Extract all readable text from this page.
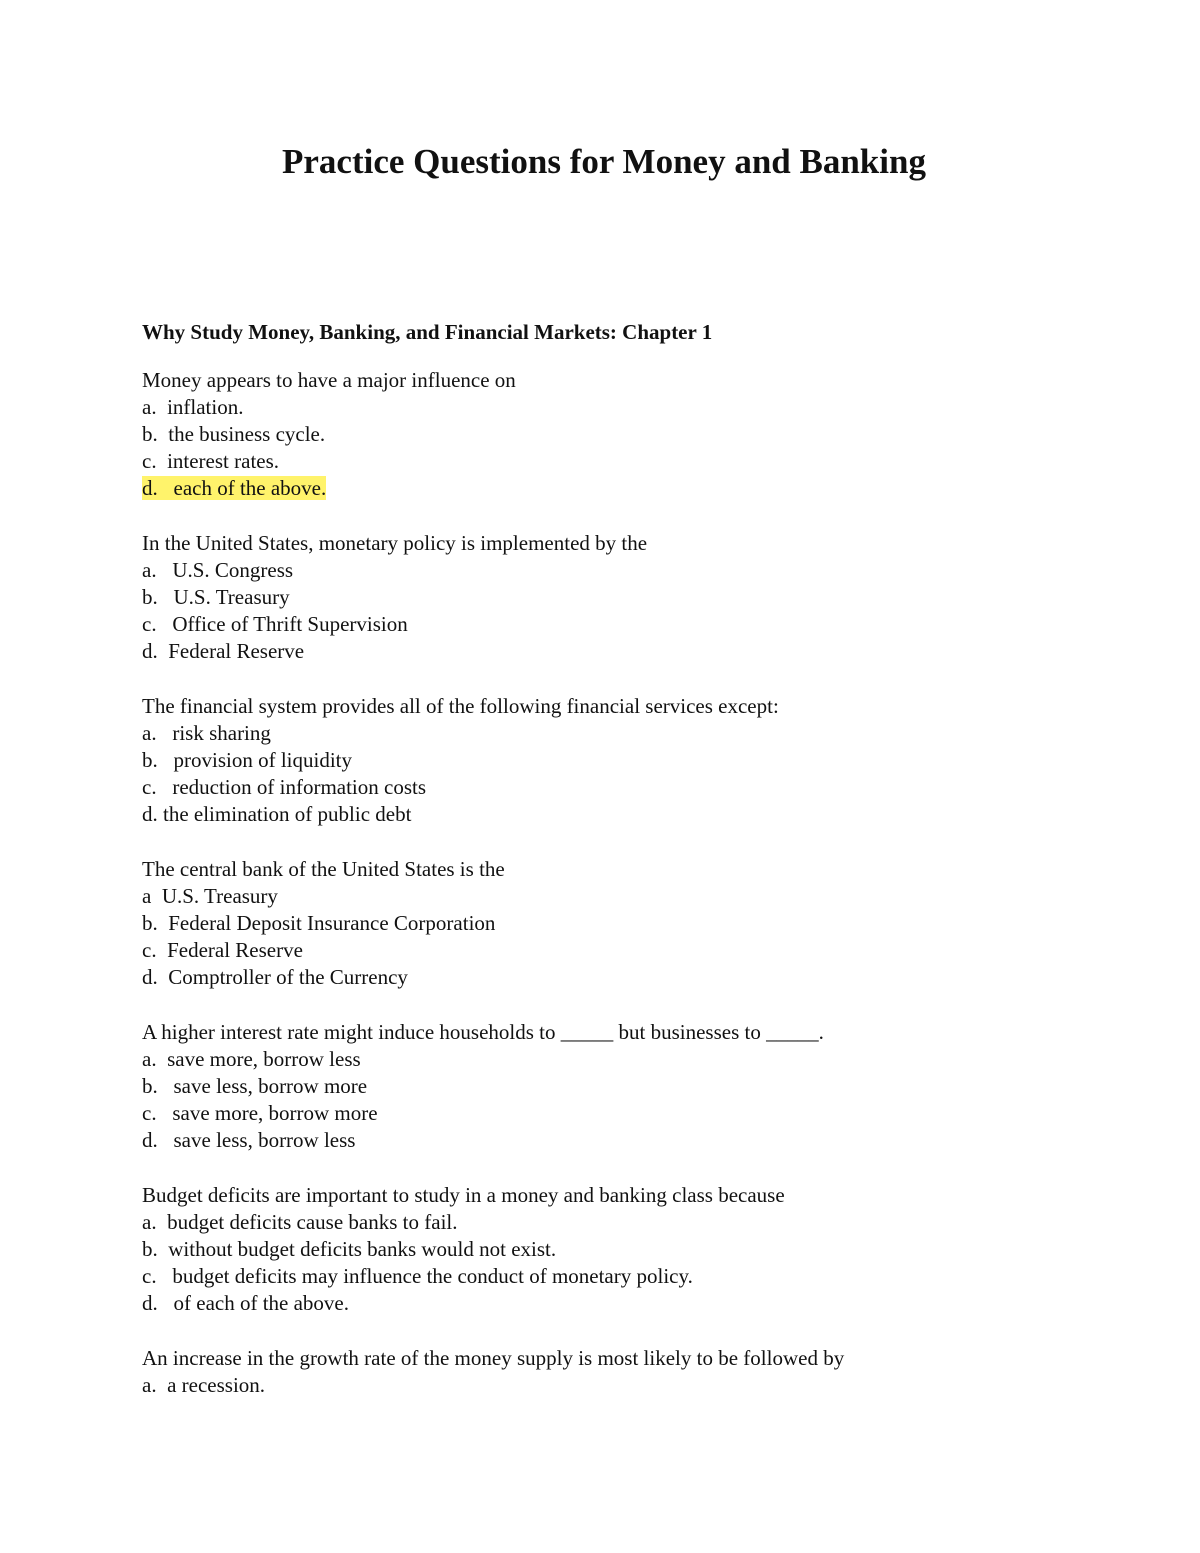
Practice Questions for Money and Banking
Why Study Money, Banking, and Financial Markets: Chapter 1
Money appears to have a major influence on
a.  inflation.
b.  the business cycle.
c.  interest rates.
d.   each of the above.
In the United States, monetary policy is implemented by the
a.   U.S. Congress
b.   U.S. Treasury
c.   Office of Thrift Supervision
d.  Federal Reserve
The financial system provides all of the following financial services except:
a.   risk sharing
b.   provision of liquidity
c.   reduction of information costs
d. the elimination of public debt
The central bank of the United States is the
a  U.S. Treasury
b.  Federal Deposit Insurance Corporation
c.  Federal Reserve
d.  Comptroller of the Currency
A higher interest rate might induce households to _____ but businesses to _____.
a.  save more, borrow less
b.   save less, borrow more
c.   save more, borrow more
d.   save less, borrow less
Budget deficits are important to study in a money and banking class because
a.  budget deficits cause banks to fail.
b.  without budget deficits banks would not exist.
c.   budget deficits may influence the conduct of monetary policy.
d.   of each of the above.
An increase in the growth rate of the money supply is most likely to be followed by
a.  a recession.
